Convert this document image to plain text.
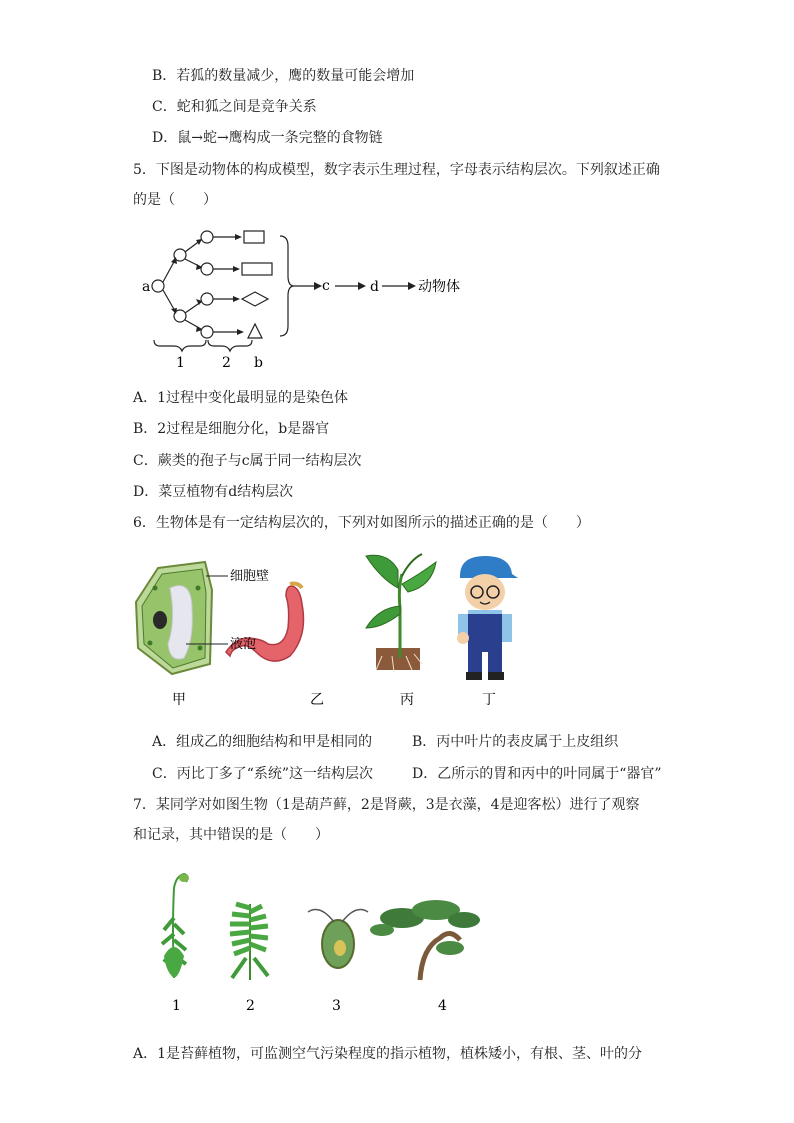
B．若狐的数量减少，鹰的数量可能会增加
C．蛇和狐之间是竞争关系
D．鼠→蛇→鹰构成一条完整的食物链
5．下图是动物体的构成模型，数字表示生理过程，字母表示结构层次。下列叙述正确
的是（　　）
a	c	d	动物体
1	2 b
A．1过程中变化最明显的是染色体
B．2过程是细胞分化，b是器官
C．蕨类的孢子与c属于同一结构层次
D．菜豆植物有d结构层次
6．生物体是有一定结构层次的，下列对如图所示的描述正确的是（　　）
细胞壁
液泡
甲	乙	丙	丁
A．组成乙的细胞结构和甲是相同的	B．丙中叶片的表皮属于上皮组织
C．丙比丁多了“系统”这一结构层次	D．乙所示的胃和丙中的叶同属于“器官”
7．某同学对如图生物（1是葫芦藓，2是肾蕨，3是衣藻，4是迎客松）进行了观察
和记录，其中错误的是（　　）
1	2	3	4
A．1是苔藓植物，可监测空气污染程度的指示植物，植株矮小，有根、茎、叶的分
